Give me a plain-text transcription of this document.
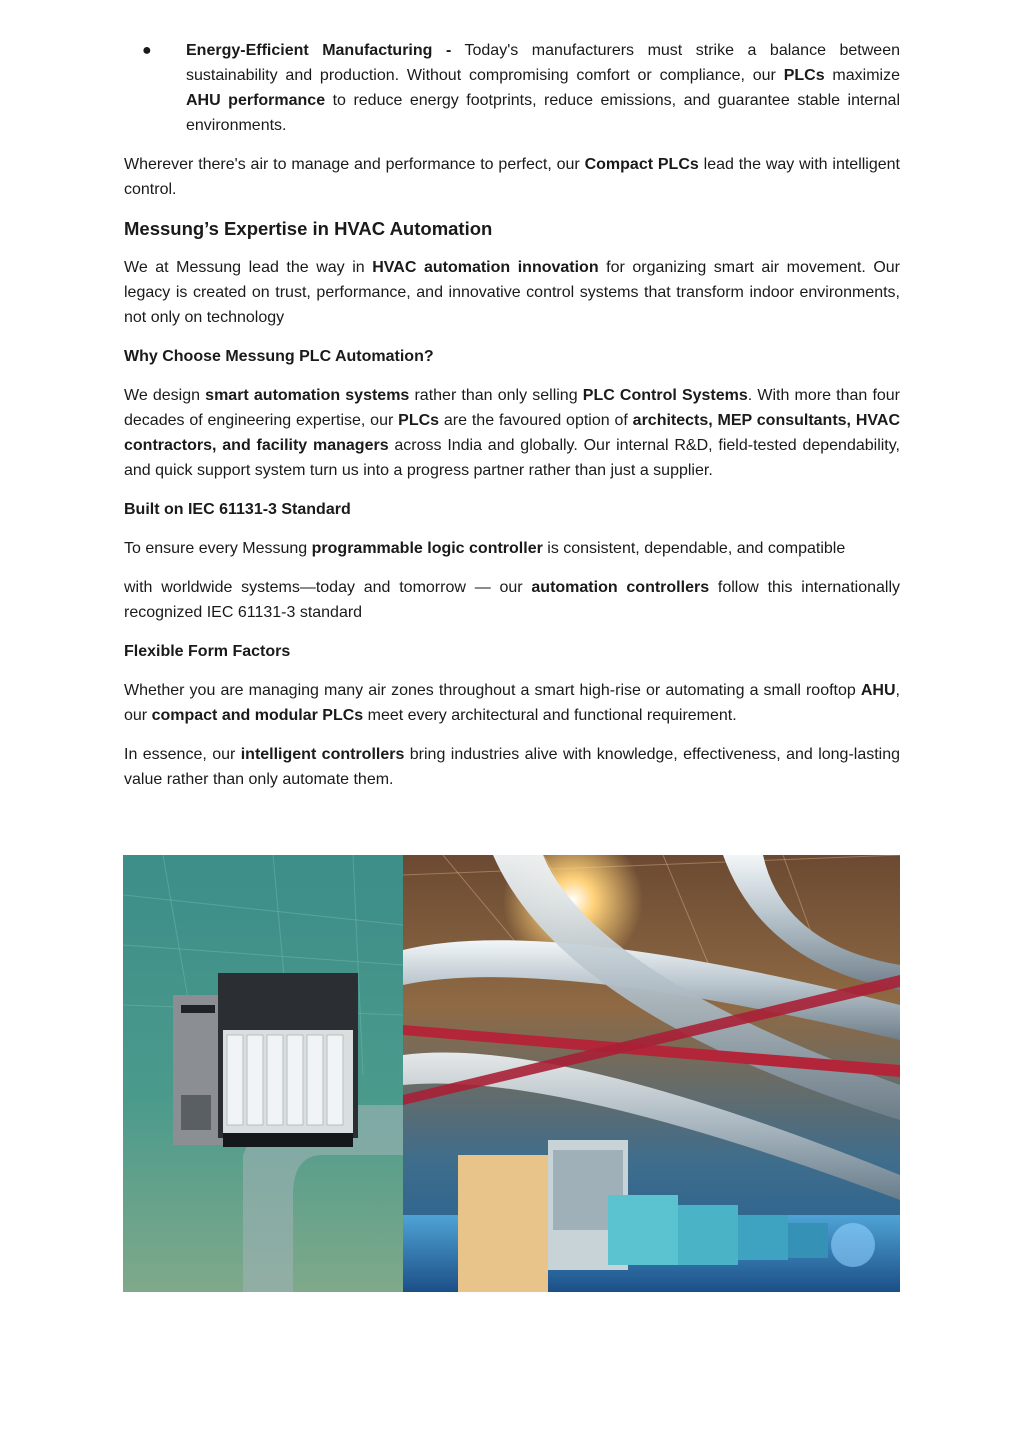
● Energy-Efficient Manufacturing - Today's manufacturers must strike a balance between sustainability and production. Without compromising comfort or compliance, our PLCs maximize AHU performance to reduce energy footprints, reduce emissions, and guarantee stable internal environments.

Wherever there's air to manage and performance to perfect, our Compact PLCs lead the way with intelligent control.

Messung’s Expertise in HVAC Automation

We at Messung lead the way in HVAC automation innovation for organizing smart air movement. Our legacy is created on trust, performance, and innovative control systems that transform indoor environments, not only on technology

Why Choose Messung PLC Automation?

We design smart automation systems rather than only selling PLC Control Systems. With more than four decades of engineering expertise, our PLCs are the favoured option of architects, MEP consultants, HVAC contractors, and facility managers across India and globally. Our internal R&D, field-tested dependability, and quick support system turn us into a progress partner rather than just a supplier.

Built on IEC 61131-3 Standard

To ensure every Messung programmable logic controller is consistent, dependable, and compatible

with worldwide systems—today and tomorrow — our automation controllers follow this internationally recognized IEC 61131-3 standard

Flexible Form Factors

Whether you are managing many air zones throughout a smart high-rise or automating a small rooftop AHU, our compact and modular PLCs meet every architectural and functional requirement.

In essence, our intelligent controllers bring industries alive with knowledge, effectiveness, and long-lasting value rather than only automate them.
